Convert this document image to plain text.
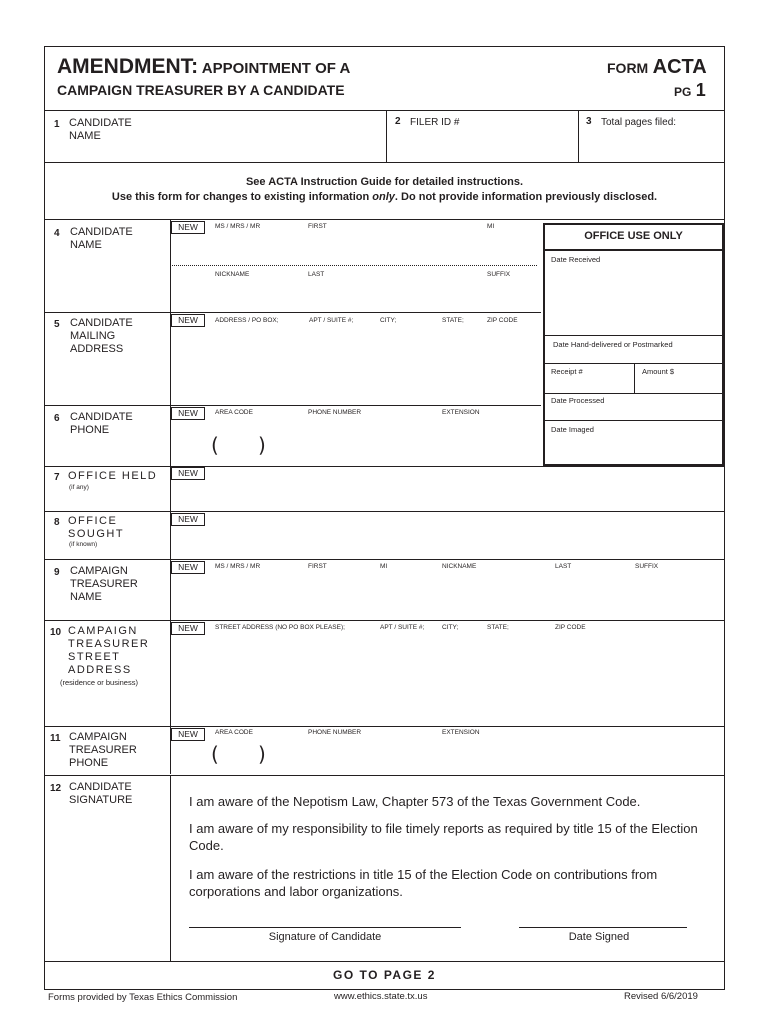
AMENDMENT: APPOINTMENT OF A
CAMPAIGN TREASURER BY A CANDIDATE
FORM ACTA
PG 1
1 CANDIDATE
NAME
2 FILER ID #	3 Total pages filed:
See ACTA Instruction Guide for detailed instructions.
Use this form for changes to existing information only. Do not provide information previously disclosed.
4 CANDIDATE
NAME
NEW	MS / MRS / MR	FIRST	MI
NICKNAME	LAST	SUFFIX
5 CANDIDATE
MAILING
ADDRESS
NEW	ADDRESS / PO BOX;	APT / SUITE #;	CITY;	STATE;	ZIP CODE
6 CANDIDATE
PHONE
NEW	AREA CODE	PHONE NUMBER	EXTENSION
( )
OFFICE USE ONLY
Date Received
Date Hand-delivered or Postmarked
Receipt #	Amount $
Date Processed
Date Imaged
7 OFFICE HELD
(if any)
NEW
8 OFFICE
SOUGHT
(if known)
NEW
9 CAMPAIGN
TREASURER
NAME
NEW	MS / MRS / MR	FIRST	MI	NICKNAME	LAST	SUFFIX
10 CAMPAIGN
TREASURER
STREET
ADDRESS
(residence or business)
NEW	STREET ADDRESS (NO PO BOX PLEASE);	APT / SUITE #;	CITY;	STATE;	ZIP CODE
11 CAMPAIGN
TREASURER
PHONE
NEW	AREA CODE	PHONE NUMBER	EXTENSION
( )
12 CANDIDATE
SIGNATURE	I am aware of the Nepotism Law, Chapter 573 of the Texas Government Code.
I am aware of my responsibility to file timely reports as required by title 15 of the Election Code.
I am aware of the restrictions in title 15 of the Election Code on contributions from corporations and labor organizations.
Signature of Candidate	Date Signed
GO TO PAGE 2
Forms provided by Texas Ethics Commission	www.ethics.state.tx.us	Revised 6/6/2019
